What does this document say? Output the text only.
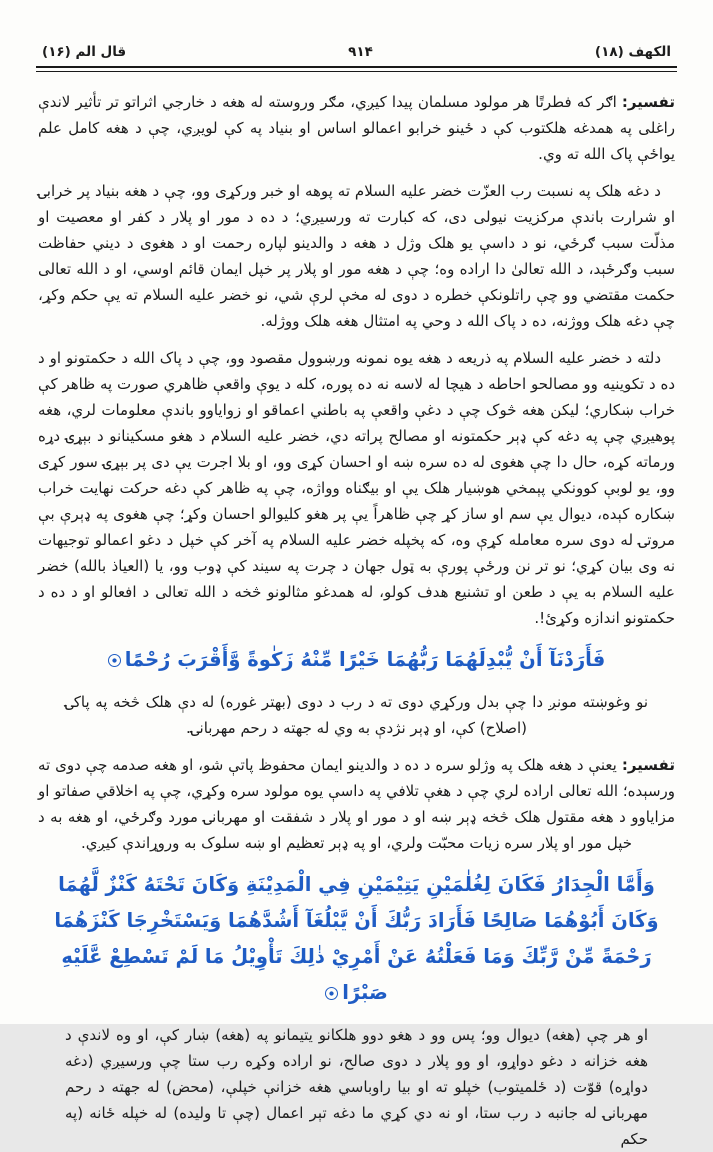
الكهف (١٨)
٩١۴
قال الم (١۶)

تفسير:اګر که فطرتًا هر مولود مسلمان پيدا کيږي، مګر وروسته له هغه د خارجي اثراتو تر تأثير لاندې راغلی په همدغه هلکتوب کې د ځينو خرابو اعمالو اساس او بنياد په کې لويږي، چې د هغه کامل علم يواځې پاک الله ته وي.

د دغه هلک په نسبت رب العزّت خضر عليه السلام ته پوهه او خبر ورکړی وو، چې د هغه بنياد پر خرابۍ او شرارت باندې مرکزيت نيولی دی، که کبارت ته ورسيږي؛ د ده د مور او پلار د کفر او معصيت او مذلّت سبب ګرځي، نو د داسې يو هلک وژل د هغه د والدينو لپاره رحمت او د هغوی د ديني حفاظت سبب وګرځېد، د الله تعالیٰ دا اراده وه؛ چې د هغه مور او پلار پر خپل ايمان قائم اوسي، او د الله تعالی حکمت مقتضي وو چې راتلونکې خطره د دوی له مخې لرې شي، نو خضر عليه السلام ته يې حکم وکړ، چې دغه هلک ووژنه، ده د پاک الله د وحي په امتثال هغه هلک ووژله.

دلته د خضر عليه السلام په ذريعه د هغه يوه نمونه ورښوول مقصود وو، چې د پاک الله د حکمتونو او د ده د تکوينيه وو مصالحو احاطه د هيچا له لاسه نه ده پوره، کله د يوې واقعې ظاهري صورت په ظاهر کې خراب ښکاري؛ ليکن هغه څوک چې د دغې واقعې په باطني اعماقو او زواياوو باندې معلومات لري، هغه پوهيږي چې په دغه کې ډېر حکمتونه او مصالح پراته دي، خضر عليه السلام د هغو مسکينانو د بېړۍ دړه ورماته کړه، حال دا چې هغوی له ده سره ښه او احسان کړی وو، او بلا اجرت يې دی پر بېړۍ سور کړی وو، يو لوبې کوونکي پېمخي هوښيار هلک يې او بيګناه وواژه، چې په ظاهر کې دغه حرکت نهايت خراب ښکاره کېده، ديوال يې سم او ساز کړ چې ظاهراً يې پر هغو کليوالو احسان وکړ؛ چې هغوی په ډېرې بې مروتۍ له دوی سره معامله کړې وه، که پخپله خضر عليه السلام په آخر کې خپل د دغو اعمالو توجيهات نه وی بيان کړي؛ نو تر نن ورځې پورې به ټول جهان د چرت په سيند کې ډوب وو، يا (العياذ بالله) خضر عليه السلام به يې د طعن او تشنيع هدف کولو، له همدغو مثالونو څخه د الله تعالی د افعالو او د ده د حکمتونو اندازه وکړئ!.

فَأَرَدْنَآ أَنْ يُّبْدِلَهُمَا رَبُّهُمَا خَيْرًا مِّنْهُ زَكٰوةً وَّأَقْرَبَ رُحْمًا

نو وغوښته مونږ دا چې بدل ورکړي دوی ته د رب د دوی (بهتر غوره) له دې هلک څخه په پاکۍ (اصلاح) کې، او ډېر نژدې به وي له جهته د رحم مهربانۍ.

تفسير:يعنې د هغه هلک په وژلو سره د ده د والدينو ايمان محفوظ پاتې شو، او هغه صدمه چې دوی ته ورسېده؛ الله تعالی اراده لري چې د هغې تلافي په داسې يوه مولود سره وکړي، چې په اخلاقي صفاتو او مزاياوو د هغه مقتول هلک څخه ډېر ښه او د مور او پلار د شفقت او مهربانۍ مورد وګرځي، او هغه به د خپل مور او پلار سره زيات محبّت ولري، او په ډېر تعظيم او ښه سلوک به وروړاندې کيږي.

وَأَمَّا الْجِدَارُ فَكَانَ لِغُلٰمَيْنِ يَتِيْمَيْنِ فِي الْمَدِيْنَةِ وَكَانَ تَحْتَهُ كَنْزٌ لَّهُمَا وَكَانَ أَبُوْهُمَا صَالِحًا فَأَرَادَ رَبُّكَ أَنْ يَّبْلُغَآ أَشُدَّهُمَا وَيَسْتَخْرِجَا كَنْزَهُمَا رَحْمَةً مِّنْ رَّبِّكَ وَمَا فَعَلْتُهُ عَنْ أَمْرِيْ ذٰلِكَ تَأْوِيْلُ مَا لَمْ تَسْطِعْ عَّلَيْهِ صَبْرًا

او هر چې (هغه) ديوال وو؛ پس وو د هغو دوو هلکانو يتيمانو په (هغه) ښار کې، او وه لاندې د هغه خزانه د دغو دواړو، او وو پلار د دوی صالح، نو اراده وکړه رب ستا چې ورسيږي (دغه دواړه) قوّت (د ځلميتوب) خپلو ته او بيا راوباسي هغه خزانې خپلې، (محض) له جهته د رحم مهربانۍ له جانبه د رب ستا، او نه دي کړي ما دغه تېر اعمال (چې تا وليده) له خپله ځانه (په حکم
